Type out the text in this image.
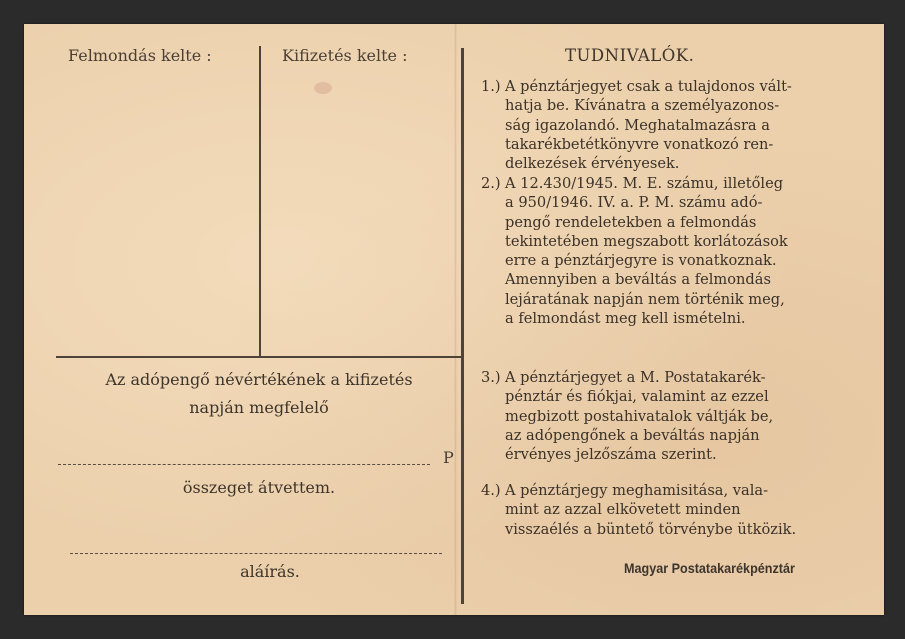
Felmondás kelte :	Kifizetés kelte :
Az adópengő névértékének a kifizetés
napján megfelelő
P
összeget átvettem.
aláírás.
TUDNIVALÓK.
1.) A pénztárjegyet csak a tulajdonos vált-
hatja be. Kívánatra a személyazonos-
ság igazolandó. Meghatalmazásra a
takarékbetétkönyvre vonatkozó ren-
delkezések érvényesek.
2.) A 12.430/1945. M. E. számu, illetőleg
a 950/1946. IV. a. P. M. számu adó-
pengő rendeletekben a felmondás
tekintetében megszabott korlátozások
erre a pénztárjegyre is vonatkoznak.
Amennyiben a beváltás a felmondás
lejáratának napján nem történik meg,
a felmondást meg kell ismételni.
3.) A pénztárjegyet a M. Postatakarék-
pénztár és fiókjai, valamint az ezzel
megbizott postahivatalok váltják be,
az adópengőnek a beváltás napján
érvényes jelzőszáma szerint.
4.) A pénztárjegy meghamisitása, vala-
mint az azzal elkövetett minden
visszaélés a büntető törvénybe ütközik.
Magyar Postatakarékpénztár
